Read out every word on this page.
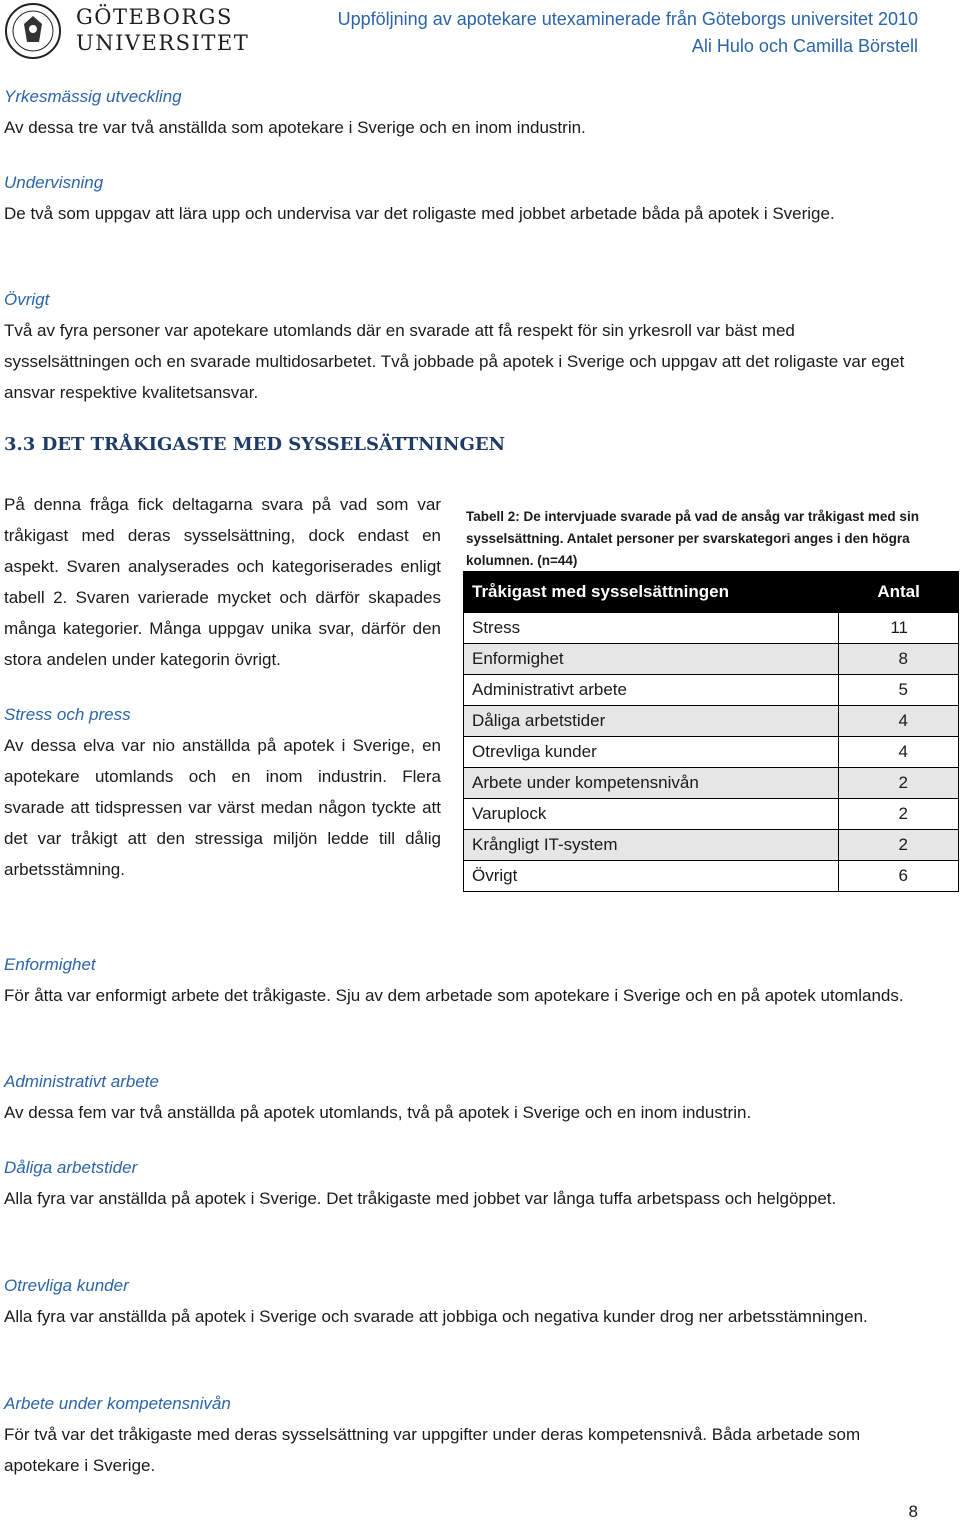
GÖTEBORGS
UNIVERSITET
Uppföljning av apotekare utexaminerade från Göteborgs universitet 2010
Ali Hulo och Camilla Börstell
Yrkesmässig utveckling
Av dessa tre var två anställda som apotekare i Sverige och en inom industrin.
Undervisning
De två som uppgav att lära upp och undervisa var det roligaste med jobbet arbetade båda på apotek i Sverige.
Övrigt
Två av fyra personer var apotekare utomlands där en svarade att få respekt för sin yrkesroll var bäst med sysselsättningen och en svarade multidosarbetet. Två jobbade på apotek i Sverige och uppgav att det roligaste var eget ansvar respektive kvalitetsansvar.
3.3 DET TRÅKIGASTE MED SYSSELSÄTTNINGEN

På denna fråga fick deltagarna svara på vad som var tråkigast med deras sysselsättning, dock endast en aspekt. Svaren analyserades och kategoriserades enligt tabell 2. Svaren varierade mycket och därför skapades många kategorier. Många uppgav unika svar, därför den stora andelen under kategorin övrigt.

Stress och press

Av dessa elva var nio anställda på apotek i Sverige, en apotekare utomlands och en inom industrin. Flera svarade att tidspressen var värst medan någon tyckte att det var tråkigt att den stressiga miljön ledde till dålig arbetsstämning.

Tabell 2: De intervjuade svarade på vad de ansåg var tråkigast med sin sysselsättning. Antalet personer per svarskategori anges i den högra kolumnen. (n=44)
Tråkigast med sysselsättningen	Antal
Stress	11
Enformighet	8
Administrativt arbete	5
Dåliga arbetstider	4
Otrevliga kunder	4
Arbete under kompetensnivån	2
Varuplock	2
Krångligt IT-system	2
Övrigt	6
Enformighet
För åtta var enformigt arbete det tråkigaste. Sju av dem arbetade som apotekare i Sverige och en på apotek utomlands.
Administrativt arbete
Av dessa fem var två anställda på apotek utomlands, två på apotek i Sverige och en inom industrin.
Dåliga arbetstider
Alla fyra var anställda på apotek i Sverige. Det tråkigaste med jobbet var långa tuffa arbetspass och helgöppet.
Otrevliga kunder
Alla fyra var anställda på apotek i Sverige och svarade att jobbiga och negativa kunder drog ner arbetsstämningen.
Arbete under kompetensnivån
För två var det tråkigaste med deras sysselsättning var uppgifter under deras kompetensnivå. Båda arbetade som apotekare i Sverige.
8
